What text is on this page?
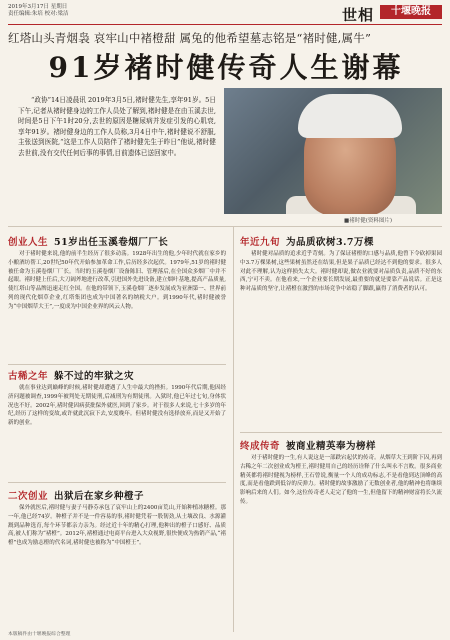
2019年3月17日 星期日
责任编辑:朱培 校对:梁洁	世相	十堰晚报
红塔山头青烟袅 哀牢山中褚橙甜 属兔的他希望墓志铭是“褚时健,属牛”
91岁褚时健传奇人生谢幕
“政协”14日凌晨讯 2019年3月5日,褚时健先生,享年91岁。5日下午,记者从褚时健身边的工作人员处了解到,褚时健是在由玉溪去世,时间是5日下午1时20分,去世的原因是糖尿病并发症引发的心肌衰,享年91岁。褚时健身边的工作人员称,3月4日中午,褚时健说不舒服,主张送到医院,“这是工作人员陪伴了褚时健先生于昨日”他说,褚时健去世前,没有交代任何后事的事情,目前遗体已送回家中。
■褚时健(资料图片)
创业人生 51岁出任玉溪卷烟厂厂长
对于褚时健来说,他的前半生经历了很多动荡。1928年出生的他,少年时代就在家乡的小酿酒坊帮工,20世纪50年代开始参加革命工作,后历经多次起伏。1979年,51岁的褚时健被任命为玉溪卷烟厂厂长。当时的玉溪卷烟厂设备陈旧、管理落后,在全国众多烟厂中并不起眼。褚时健上任后,大刀阔斧地进行改革,引进国外先进设备,建立烟叶基地,提高产品质量,使红塔山等品牌迅速走红全国。在他的带领下,玉溪卷烟厂逐步发展成为亚洲第一、世界前列的现代化烟草企业,红塔集团也成为中国著名的纳税大户。到1990年代,褚时健被誉为“中国烟草大王”,一度成为中国企业界的风云人物。
古稀之年 躲不过的牢狱之灾
就在事业达到巅峰的时候,褚时健却遭遇了人生中最大的挫折。1990年代后期,他因经济问题被调查,1999年被判处无期徒刑,后减刑为有期徒刑。入狱时,他已年过七旬,身体状况也不好。2002年,褚时健因病获批保外就医,回到了家乡。对于很多人来说,七十多岁的年纪,经历了这样的变故,或许就此沉寂下去,安度晚年。但褚时健没有选择放弃,而是又开始了新的创业。
二次创业 出狱后在家乡种橙子
保外就医后,褚时健与妻子马静芬承包了哀牢山上的2400亩荒山,开始种植冰糖橙。那一年,他已经74岁。种橙子并不是一件容易的事,褚时健凭着一股韧劲,从土壤改良、水源灌溉到品种选育,每个环节都亲力亲为。经过近十年的精心打理,他种出的橙子口感好、品质高,被人们称为“褚橙”。2012年,褚橙通过电商平台进入大众视野,很快便成为热销产品,“褚橙”也成为励志橙的代名词,褚时健也被称为“中国橙王”。
年近九旬 为品质砍树3.7万棵
褚时健对品质的追求近乎苛刻。为了保证褚橙的口感与品质,他曾下令砍掉果园中3.7万棵果树,这些果树虽然还在结果,但是果子品质已经达不到他的要求。很多人对此不理解,认为这样损失太大。褚时健却说,做农业就要对品质负责,品质不好的东西,宁可不卖。在他看来,一个企业要长期发展,最重要的就是要靠产品说话。正是这种对品质的坚守,让褚橙在激烈的市场竞争中站稳了脚跟,赢得了消费者的认可。
终成传奇 被商业精英奉为榜样
对于褚时健的一生,有人说这是一部跌宕起伏的传奇。从烟草大王到阶下囚,再到古稀之年二次创业成为橙王,褚时健用自己的经历诠释了什么叫永不言败。很多商业精英都将褚时健视为榜样,王石曾说,衡量一个人的成功标志,不是看他到达顶峰的高度,而是看他跌到低谷的反弹力。褚时健的故事激励了无数创业者,他的精神也将继续影响后来的人们。如今,这位传奇老人走完了他的一生,但他留下的精神财富将长久流传。
本版稿件由十堰晚报综合整理
